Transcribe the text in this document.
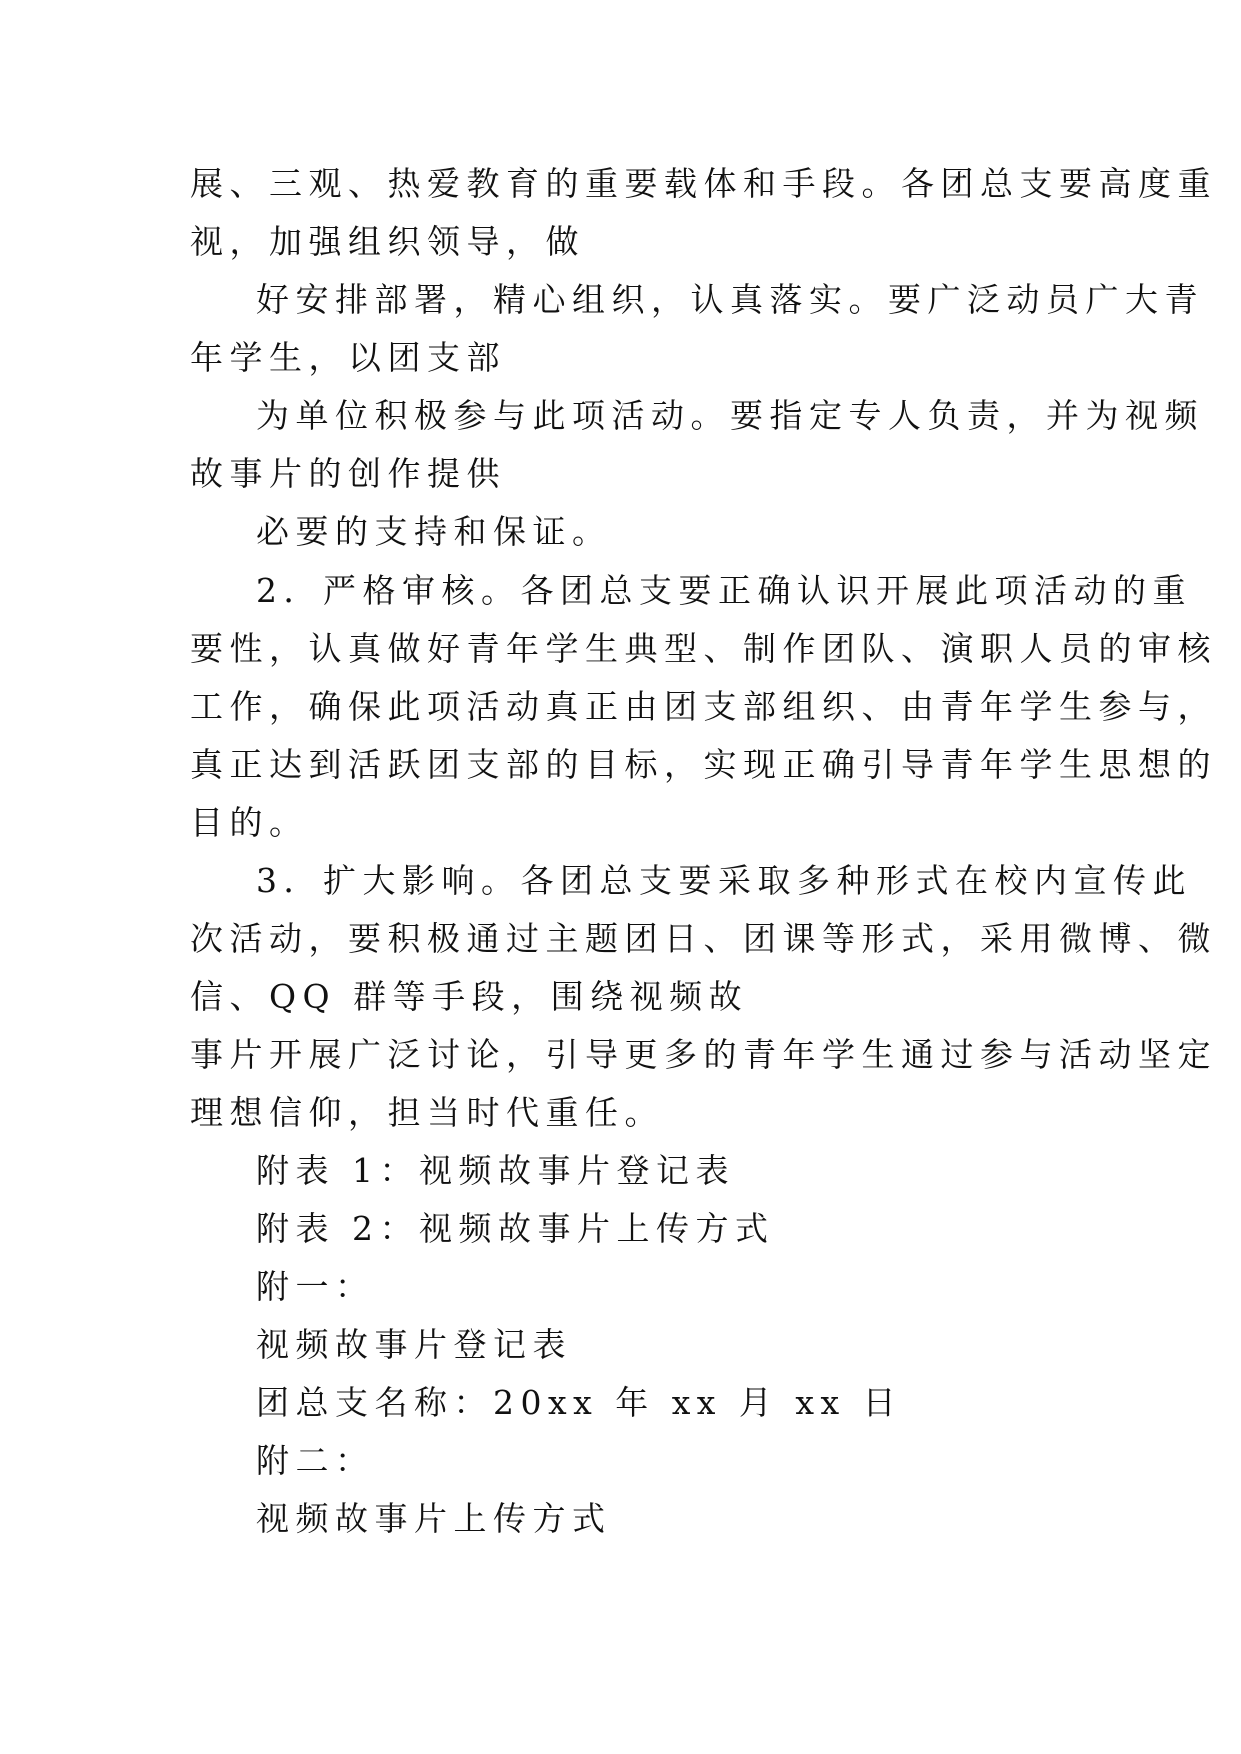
展、三观、热爱教育的重要载体和手段。各团总支要高度重
视，加强组织领导，做
好安排部署，精心组织，认真落实。要广泛动员广大青
年学生，以团支部
为单位积极参与此项活动。要指定专人负责，并为视频
故事片的创作提供
必要的支持和保证。
2．严格审核。各团总支要正确认识开展此项活动的重
要性，认真做好青年学生典型、制作团队、演职人员的审核
工作，确保此项活动真正由团支部组织、由青年学生参与，
真正达到活跃团支部的目标，实现正确引导青年学生思想的
目的。
3．扩大影响。各团总支要采取多种形式在校内宣传此
次活动，要积极通过主题团日、团课等形式，采用微博、微
信、QQ 群等手段，围绕视频故
事片开展广泛讨论，引导更多的青年学生通过参与活动坚定
理想信仰，担当时代重任。
附表 1：视频故事片登记表
附表 2：视频故事片上传方式
附一：
视频故事片登记表
团总支名称：20xx 年 xx 月 xx 日
附二：
视频故事片上传方式
